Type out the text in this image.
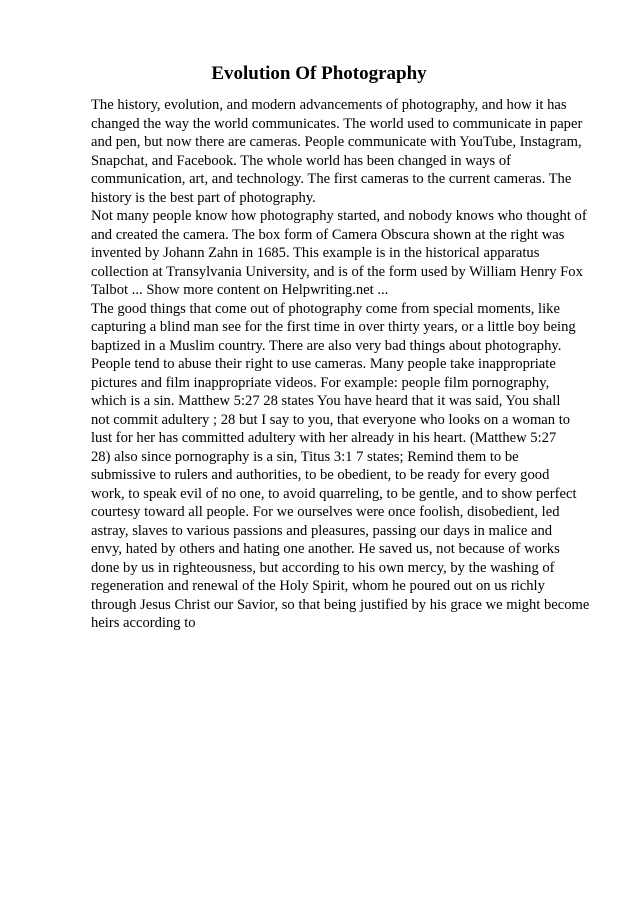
Evolution Of Photography
The history, evolution, and modern advancements of photography, and how it has
changed the way the world communicates. The world used to communicate in paper
and pen, but now there are cameras. People communicate with YouTube, Instagram,
Snapchat, and Facebook. The whole world has been changed in ways of
communication, art, and technology. The first cameras to the current cameras. The
history is the best part of photography.
Not many people know how photography started, and nobody knows who thought of
and created the camera. The box form of Camera Obscura shown at the right was
invented by Johann Zahn in 1685. This example is in the historical apparatus
collection at Transylvania University, and is of the form used by William Henry Fox
Talbot ... Show more content on Helpwriting.net ...
The good things that come out of photography come from special moments, like
capturing a blind man see for the first time in over thirty years, or a little boy being
baptized in a Muslim country. There are also very bad things about photography.
People tend to abuse their right to use cameras. Many people take inappropriate
pictures and film inappropriate videos. For example: people film pornography,
which is a sin. Matthew 5:27 28 states You have heard that it was said, You shall
not commit adultery ; 28 but I say to you, that everyone who looks on a woman to
lust for her has committed adultery with her already in his heart. (Matthew 5:27
28) also since pornography is a sin, Titus 3:1 7 states; Remind them to be
submissive to rulers and authorities, to be obedient, to be ready for every good
work, to speak evil of no one, to avoid quarreling, to be gentle, and to show perfect
courtesy toward all people. For we ourselves were once foolish, disobedient, led
astray, slaves to various passions and pleasures, passing our days in malice and
envy, hated by others and hating one another. He saved us, not because of works
done by us in righteousness, but according to his own mercy, by the washing of
regeneration and renewal of the Holy Spirit, whom he poured out on us richly
through Jesus Christ our Savior, so that being justified by his grace we might become
heirs according to
